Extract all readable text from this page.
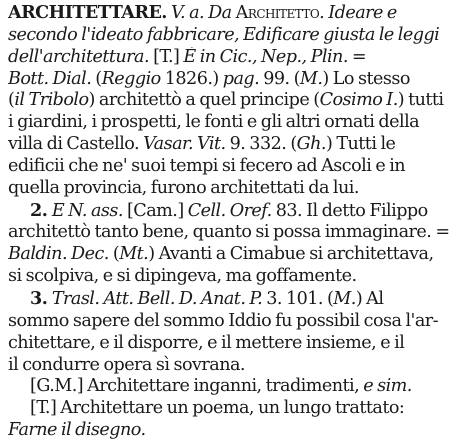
ARCHITETTARE. V. a. Da Architetto. Ideare e
secondo l'ideato fabbricare, Edificare giusta le leggi
dell'architettura. [T.] È in Cic., Nep., Plin. =
Bott. Dial. (Reggio 1826.) pag. 99. (M.) Lo stesso
(il Tribolo) architettò a quel principe (Cosimo I.) tutti
i giardini, i prospetti, le fonti e gli altri ornati della
villa di Castello. Vasar. Vit. 9. 332. (Gh.) Tutti le
edificii che ne' suoi tempi si fecero ad Ascoli e in
quella provincia, furono architettati da lui.
2. E N. ass. [Cam.] Cell. Oref. 83. Il detto Filippo
architettò tanto bene, quanto si possa immaginare. =
Baldin. Dec. (Mt.) Avanti a Cimabue si architettava,
si scolpiva, e si dipingeva, ma goffamente.
3. Trasl. Att. Bell. D. Anat. P. 3. 101. (M.) Al
sommo sapere del sommo Iddio fu possibil cosa l'ar-
chitettare, e il disporre, e il mettere insieme, e il
il condurre opera sì sovrana.
[G.M.] Architettare inganni, tradimenti, e sim.
[T.] Architettare un poema, un lungo trattato:
Farne il disegno.
